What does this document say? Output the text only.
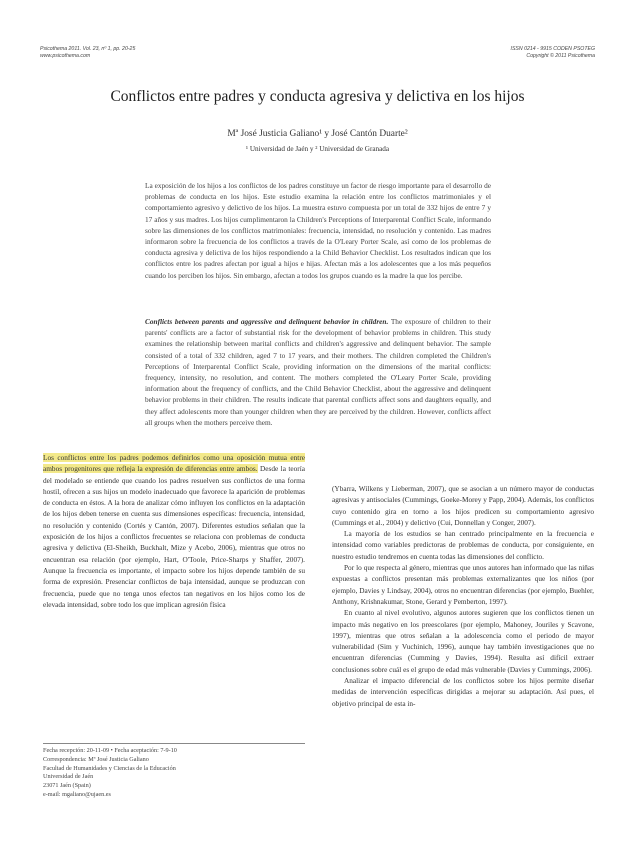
Psicothema 2011. Vol. 23, nº 1, pp. 20-25
www.psicothema.com
ISSN 0214 - 9915 CODEN PSOTEG
Copyright © 2011 Psicothema
Conflictos entre padres y conducta agresiva y delictiva en los hijos
Mª José Justicia Galiano¹ y José Cantón Duarte²
¹ Universidad de Jaén y ² Universidad de Granada
La exposición de los hijos a los conflictos de los padres constituye un factor de riesgo importante para el desarrollo de problemas de conducta en los hijos. Este estudio examina la relación entre los conflictos matrimoniales y el comportamiento agresivo y delictivo de los hijos. La muestra estuvo compuesta por un total de 332 hijos de entre 7 y 17 años y sus madres. Los hijos cumplimentaron la Children's Perceptions of Interparental Conflict Scale, informando sobre las dimensiones de los conflictos matrimoniales: frecuencia, intensidad, no resolución y contenido. Las madres informaron sobre la frecuencia de los conflictos a través de la O'Leary Porter Scale, así como de los problemas de conducta agresiva y delictiva de los hijos respondiendo a la Child Behavior Checklist. Los resultados indican que los conflictos entre los padres afectan por igual a hijos e hijas. Afectan más a los adolescentes que a los más pequeños cuando los perciben los hijos. Sin embargo, afectan a todos los grupos cuando es la madre la que los percibe.
Conflicts between parents and aggressive and delinquent behavior in children. The exposure of children to their parents' conflicts are a factor of substantial risk for the development of behavior problems in children. This study examines the relationship between marital conflicts and children's aggressive and delinquent behavior. The sample consisted of a total of 332 children, aged 7 to 17 years, and their mothers. The children completed the Children's Perceptions of Interparental Conflict Scale, providing information on the dimensions of the marital conflicts: frequency, intensity, no resolution, and content. The mothers completed the O'Leary Porter Scale, providing information about the frequency of conflicts, and the Child Behavior Checklist, about the aggressive and delinquent behavior problems in their children. The results indicate that parental conflicts affect sons and daughters equally, and they affect adolescents more than younger children when they are perceived by the children. However, conflicts affect all groups when the mothers perceive them.

Los conflictos entre los padres podemos definirlos como una oposición mutua entre ambos progenitores que refleja la expresión de diferencias entre ambos. Desde la teoría del modelado se entiende que cuando los padres resuelven sus conflictos de una forma hostil, ofrecen a sus hijos un modelo inadecuado que favorece la aparición de problemas de conducta en éstos. A la hora de analizar cómo influyen los conflictos en la adaptación de los hijos deben tenerse en cuenta sus dimensiones específicas: frecuencia, intensidad, no resolución y contenido (Cortés y Cantón, 2007). Diferentes estudios señalan que la exposición de los hijos a conflictos frecuentes se relaciona con problemas de conducta agresiva y delictiva (El-Sheikh, Buckhalt, Mize y Acebo, 2006), mientras que otros no encuentran esa relación (por ejemplo, Hart, O'Toole, Price-Sharps y Shaffer, 2007). Aunque la frecuencia es importante, el impacto sobre los hijos depende también de su forma de expresión. Presenciar conflictos de baja intensidad, aunque se produzcan con frecuencia, puede que no tenga unos efectos tan negativos en los hijos como los de elevada intensidad, sobre todo los que implican agresión física

(Ybarra, Wilkens y Lieberman, 2007), que se asocian a un número mayor de conductas agresivas y antisociales (Cummings, Goeke-Morey y Papp, 2004). Además, los conflictos cuyo contenido gira en torno a los hijos predicen su comportamiento agresivo (Cummings et al., 2004) y delictivo (Cui, Donnellan y Conger, 2007).

La mayoría de los estudios se han centrado principalmente en la frecuencia e intensidad como variables predictoras de problemas de conducta, por consiguiente, en nuestro estudio tendremos en cuenta todas las dimensiones del conflicto.

Por lo que respecta al género, mientras que unos autores han informado que las niñas expuestas a conflictos presentan más problemas externalizantes que los niños (por ejemplo, Davies y Lindsay, 2004), otros no encuentran diferencias (por ejemplo, Buehler, Anthony, Krishnakumar, Stone, Gerard y Pemberton, 1997).

En cuanto al nivel evolutivo, algunos autores sugieren que los conflictos tienen un impacto más negativo en los preescolares (por ejemplo, Mahoney, Jouriles y Scavone, 1997), mientras que otros señalan a la adolescencia como el periodo de mayor vulnerabilidad (Sim y Vuchinich, 1996), aunque hay también investigaciones que no encuentran diferencias (Cumming y Davies, 1994). Resulta así difícil extraer conclusiones sobre cuál es el grupo de edad más vulnerable (Davies y Cummings, 2006).

Analizar el impacto diferencial de los conflictos sobre los hijos permite diseñar medidas de intervención específicas dirigidas a mejorar su adaptación. Así pues, el objetivo principal de esta in-

Fecha recepción: 20-11-09 • Fecha aceptación: 7-9-10
Correspondencia: Mª José Justicia Galiano
Facultad de Humanidades y Ciencias de la Educación
Universidad de Jaén
23071 Jaén (Spain)
e-mail: mgaliano@ujaen.es
